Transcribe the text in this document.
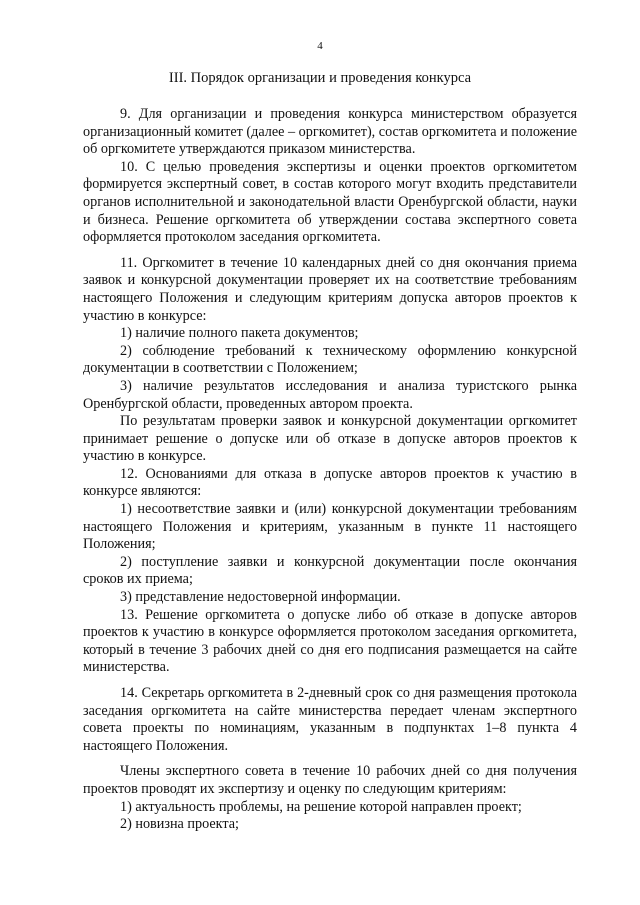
4
III. Порядок организации и проведения конкурса

9. Для организации и проведения конкурса министерством образуется организационный комитет (далее – оргкомитет), состав оргкомитета и положение об оргкомитете утверждаются приказом министерства.

10. С целью проведения экспертизы и оценки проектов оргкомитетом формируется экспертный совет, в состав которого могут входить представители органов исполнительной и законодательной власти Оренбургской области, науки и бизнеса. Решение оргкомитета об утверждении состава экспертного совета оформляется протоколом заседания оргкомитета.

11. Оргкомитет в течение 10 календарных дней со дня окончания приема заявок и конкурсной документации проверяет их на соответствие требованиям настоящего Положения и следующим критериям допуска авторов проектов к участию в конкурсе:

1) наличие полного пакета документов;

2) соблюдение требований к техническому оформлению конкурсной документации в соответствии с Положением;

3) наличие результатов исследования и анализа туристского рынка Оренбургской области, проведенных автором проекта.

По результатам проверки заявок и конкурсной документации оргкомитет принимает решение о допуске или об отказе в допуске авторов проектов к участию в конкурсе.

12. Основаниями для отказа в допуске авторов проектов к участию в конкурсе являются:

1) несоответствие заявки и (или) конкурсной документации требованиям настоящего Положения и критериям, указанным в пункте 11 настоящего Положения;

2) поступление заявки и конкурсной документации после окончания сроков их приема;

3) представление недостоверной информации.

13. Решение оргкомитета о допуске либо об отказе в допуске авторов проектов к участию в конкурсе оформляется протоколом заседания оргкомитета, который в течение 3 рабочих дней со дня его подписания размещается на сайте министерства.

14. Секретарь оргкомитета в 2-дневный срок со дня размещения протокола заседания оргкомитета на сайте министерства передает членам экспертного совета проекты по номинациям, указанным в подпунктах 1–8 пункта 4 настоящего Положения.

Члены экспертного совета в течение 10 рабочих дней со дня получения проектов проводят их экспертизу и оценку по следующим критериям:

1) актуальность проблемы, на решение которой направлен проект;

2) новизна проекта;
